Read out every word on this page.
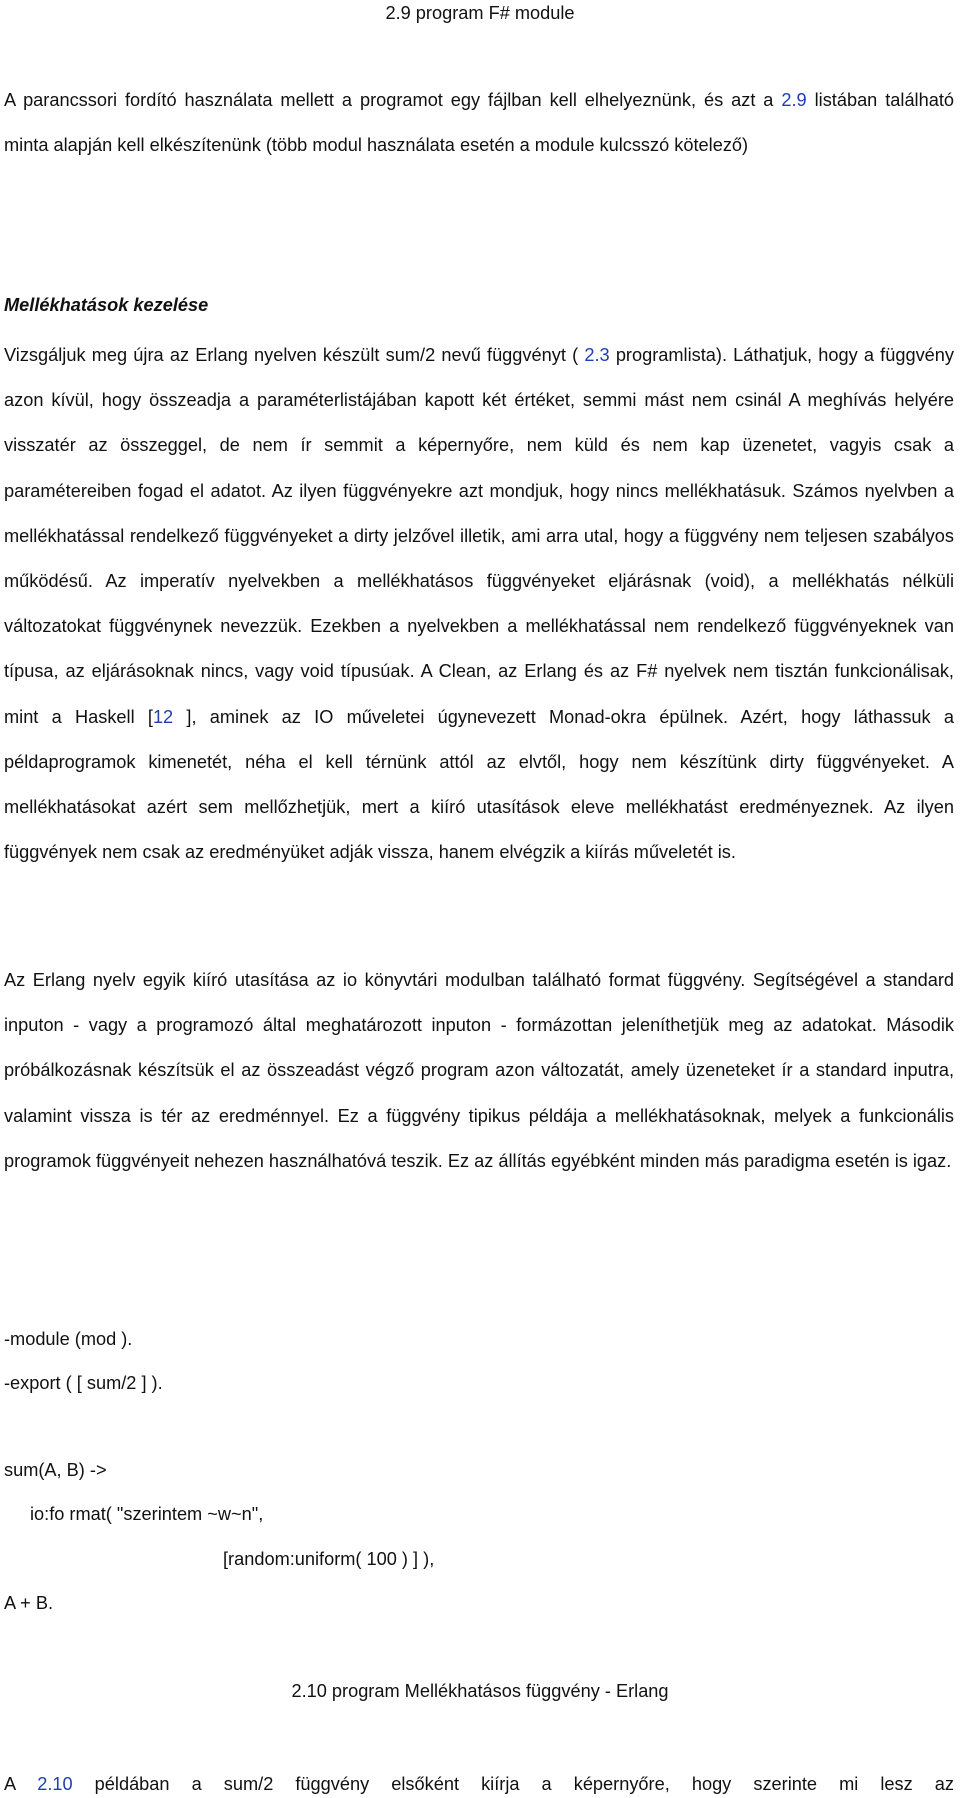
2.9 program F# module

A parancssori fordító használata mellett a programot egy fájlban kell elhelyeznünk, és azt a 2.9 listában található minta alapján kell elkészítenünk (több modul használata esetén a module kulcsszó kötelező)

Mellékhatások kezelése

Vizsgáljuk meg újra az Erlang nyelven készült sum/2 nevű függvényt ( 2.3 programlista). Láthatjuk, hogy a függvény azon kívül, hogy összeadja a paraméterlistájában kapott két értéket, semmi mást nem csinál A meghívás helyére visszatér az összeggel, de nem ír semmit a képernyőre, nem küld és nem kap üzenetet, vagyis csak a paramétereiben fogad el adatot. Az ilyen függvényekre azt mondjuk, hogy nincs mellékhatásuk. Számos nyelvben a mellékhatással rendelkező függvényeket a dirty jelzővel illetik, ami arra utal, hogy a függvény nem teljesen szabályos működésű. Az imperatív nyelvekben a mellékhatásos függvényeket eljárásnak (void), a mellékhatás nélküli változatokat függvénynek nevezzük. Ezekben a nyelvekben a mellékhatással nem rendelkező függvényeknek van típusa, az eljárásoknak nincs, vagy void típusúak. A Clean, az Erlang és az F# nyelvek nem tisztán funkcionálisak, mint a Haskell [12 ], aminek az IO műveletei úgynevezett Monad-okra épülnek. Azért, hogy láthassuk a példaprogramok kimenetét, néha el kell térnünk attól az elvtől, hogy nem készítünk dirty függvényeket. A mellékhatásokat azért sem mellőzhetjük, mert a kiíró utasítások eleve mellékhatást eredményeznek. Az ilyen függvények nem csak az eredményüket adják vissza, hanem elvégzik a kiírás műveletét is.

Az Erlang nyelv egyik kiíró utasítása az io könyvtári modulban található format függvény. Segítségével a standard inputon - vagy a programozó által meghatározott inputon - formázottan jeleníthetjük meg az adatokat. Második próbálkozásnak készítsük el az összeadást végző program azon változatát, amely üzeneteket ír a standard inputra, valamint vissza is tér az eredménnyel. Ez a függvény tipikus példája a mellékhatásoknak, melyek a funkcionális programok függvényeit nehezen használhatóvá teszik. Ez az állítás egyébként minden más paradigma esetén is igaz.

-module (mod ).

-export ( [ sum/2 ] ).

sum(A, B) ->

io:fo rmat( "szerintem ~w~n",

[random:uniform( 100 ) ] ),

A + B.

2.10 program Mellékhatásos függvény - Erlang

A 2.10 példában a sum/2 függvény elsőként kiírja a képernyőre, hogy szerinte mi lesz az
